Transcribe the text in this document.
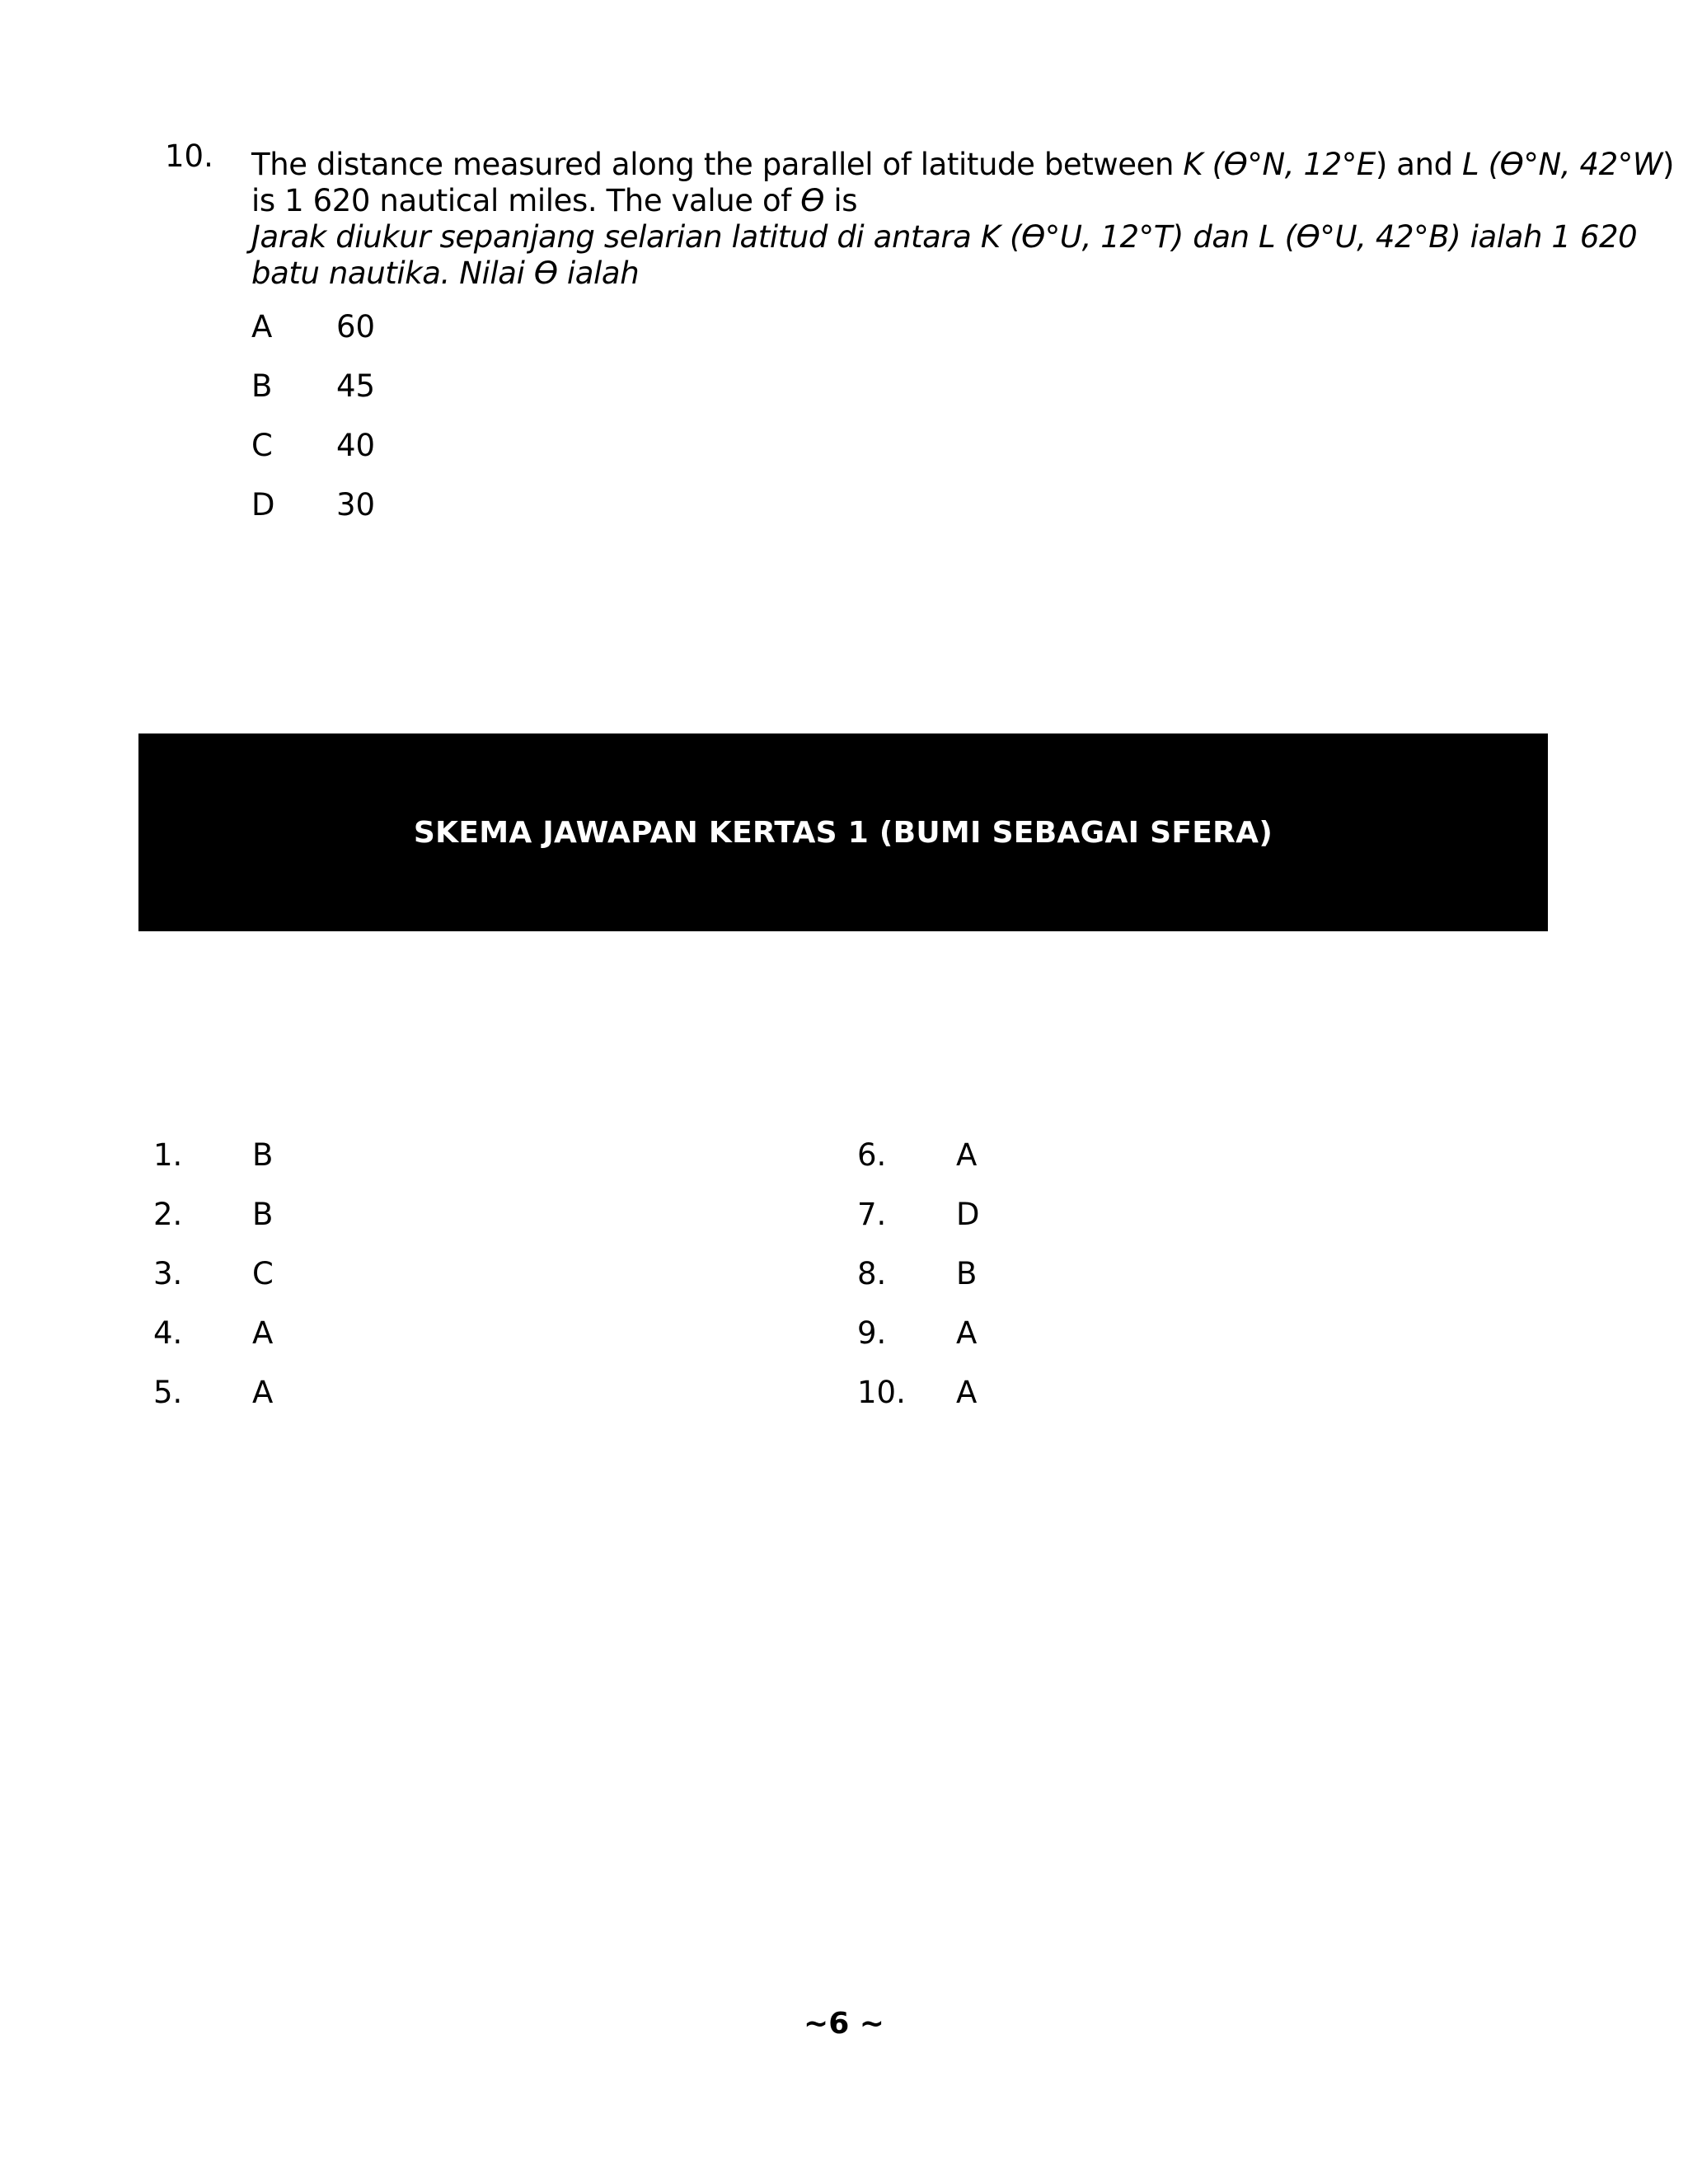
10. The distance measured along the parallel of latitude between K (Ө°N, 12°E) and L (Ө°N, 42°W)
is 1 620 nautical miles. The value of Ө is
Jarak diukur sepanjang selarian latitud di antara K (Ө°U, 12°T) dan L (Ө°U, 42°B) ialah 1 620
batu nautika. Nilai Ө ialah
A	60
B	45
C	40
D	30
SKEMA JAWAPAN KERTAS 1 (BUMI SEBAGAI SFERA)
1.	B
2.	B
3.	C
4.	A
5.	A
6.	A
7.	D
8.	B
9.	A
10.	A
~6 ~
